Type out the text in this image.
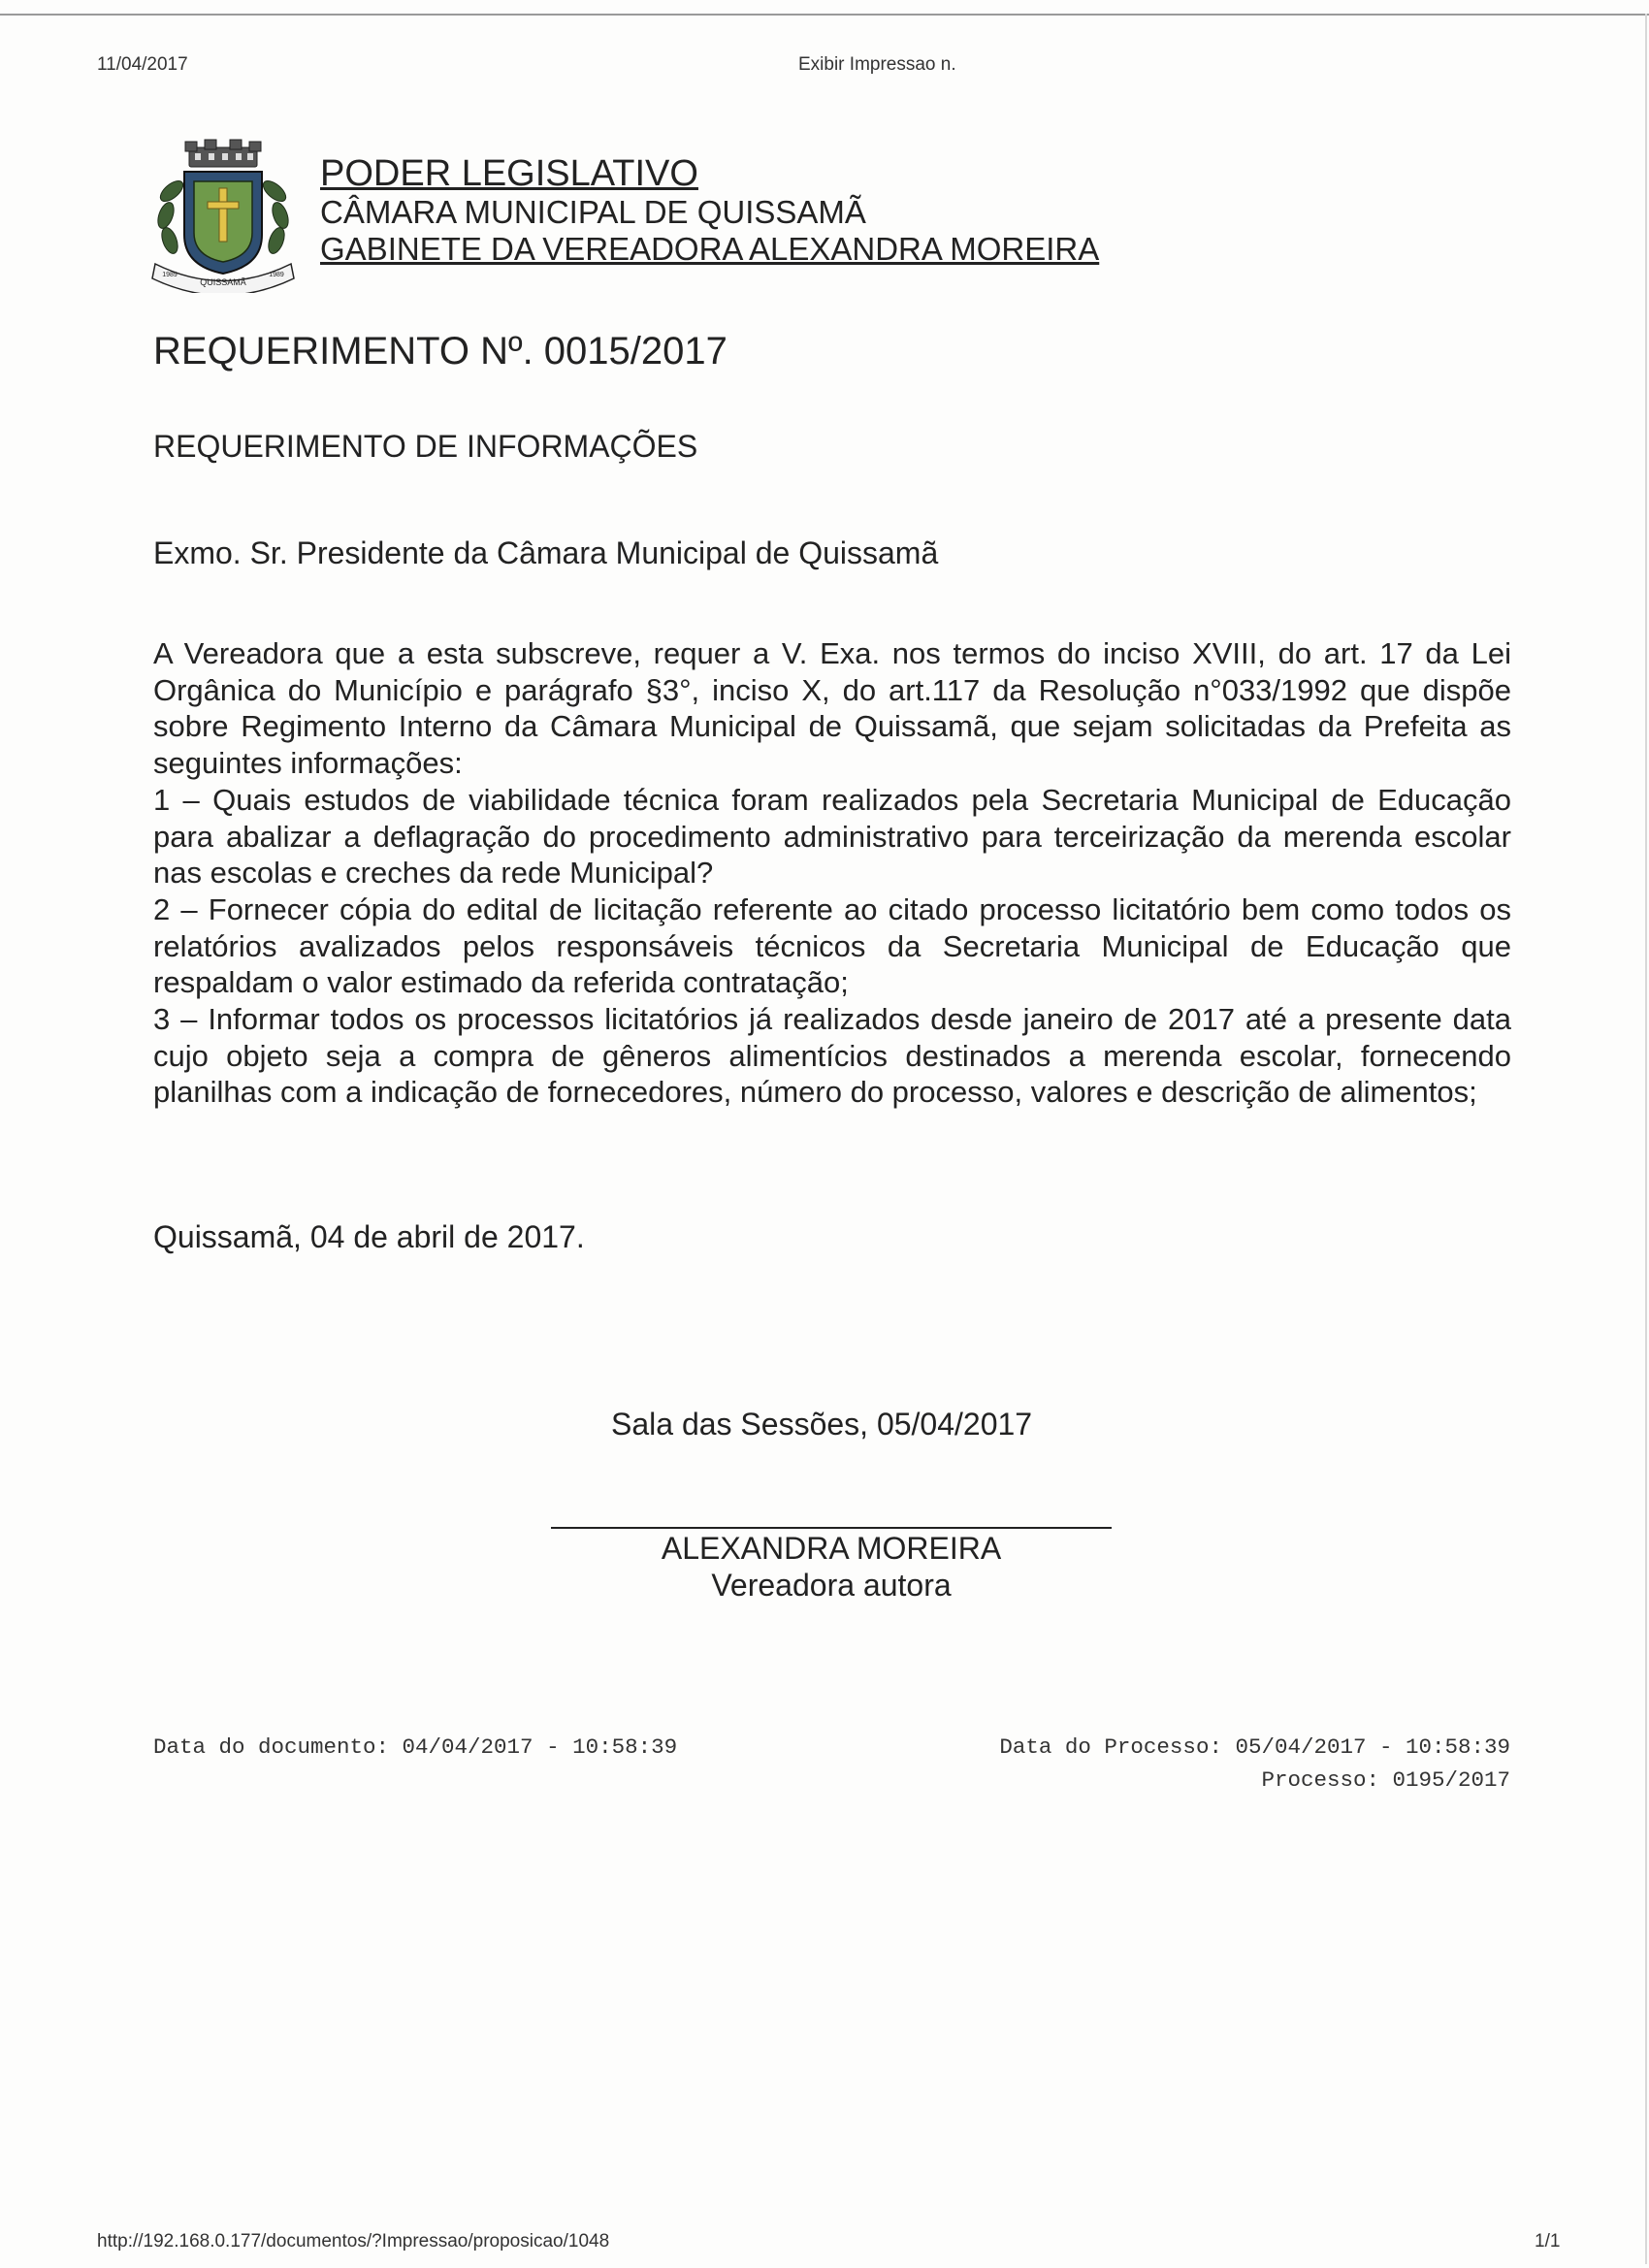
11/04/2017	Exibir Impressao n.
QUISSAMÃ
1989	1989
PODER LEGISLATIVO
CÂMARA MUNICIPAL DE QUISSAMÃ
GABINETE DA VEREADORA ALEXANDRA MOREIRA
REQUERIMENTO Nº. 0015/2017
REQUERIMENTO DE INFORMAÇÕES
Exmo. Sr. Presidente da Câmara Municipal de Quissamã

A Vereadora que a esta subscreve, requer a V. Exa. nos termos do inciso XVIII, do art. 17 da Lei Orgânica do Município e parágrafo §3°, inciso X, do art.117 da Resolução n°033/1992 que dispõe sobre Regimento Interno da Câmara Municipal de Quissamã, que sejam solicitadas da Prefeita as seguintes informações:

1 – Quais estudos de viabilidade técnica foram realizados pela Secretaria Municipal de Educação para abalizar a deflagração do procedimento administrativo para terceirização da merenda escolar nas escolas e creches da rede Municipal?

2 – Fornecer cópia do edital de licitação referente ao citado processo licitatório bem como todos os relatórios avalizados pelos responsáveis técnicos da Secretaria Municipal de Educação que respaldam o valor estimado da referida contratação;

3 – Informar todos os processos licitatórios já realizados desde janeiro de 2017 até a presente data cujo objeto seja a compra de gêneros alimentícios destinados a merenda escolar, fornecendo planilhas com a indicação de fornecedores, número do processo, valores e descrição de alimentos;

Quissamã, 04 de abril de 2017.
Sala das Sessões, 05/04/2017
ALEXANDRA MOREIRA
Vereadora autora
Data do documento: 04/04/2017 - 10:58:39	Data do Processo: 05/04/2017 - 10:58:39
Processo: 0195/2017
http://192.168.0.177/documentos/?Impressao/proposicao/1048	1/1
